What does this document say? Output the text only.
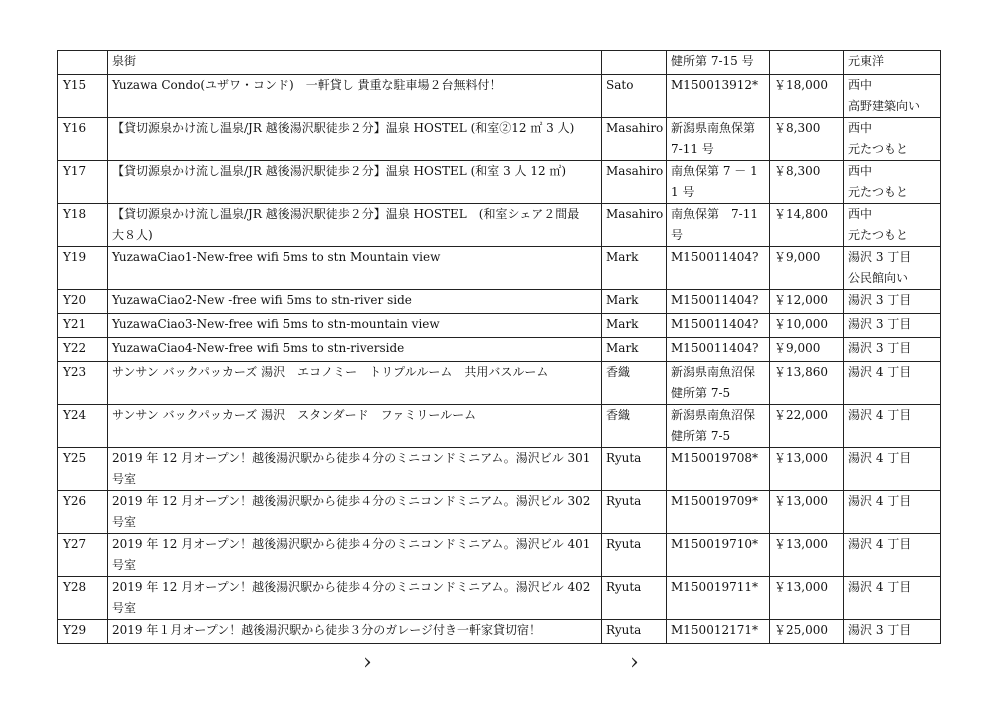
	泉街		健所第 7-15 号		元東洋
Y15	Yuzawa Condo(ユザワ・コンド)　一軒貸し 貴重な駐車場２台無料付！	Sato	M150013912*	￥18,000	西中
高野建築向い
Y16	【貸切源泉かけ流し温泉/JR 越後湯沢駅徒歩２分】温泉 HOSTEL (和室②12 ㎡ 3 人)	Masahiro	新潟県南魚保第
7-11 号	￥8,300	西中
元たつもと
Y17	【貸切源泉かけ流し温泉/JR 越後湯沢駅徒歩２分】温泉 HOSTEL (和室 3 人 12 ㎡)	Masahiro	南魚保第 7 － 1
1 号	￥8,300	西中
元たつもと
Y18	【貸切源泉かけ流し温泉/JR 越後湯沢駅徒歩２分】温泉 HOSTEL　(和室シェア２間最
大８人)	Masahiro	南魚保第　7-11
号	￥14,800	西中
元たつもと
Y19	YuzawaCiao1-New-free wifi 5ms to stn Mountain view	Mark	M150011404?	￥9,000	湯沢 3 丁目
公民館向い
Y20	YuzawaCiao2-New -free wifi 5ms to stn-river side	Mark	M150011404?	￥12,000	湯沢 3 丁目
Y21	YuzawaCiao3-New-free wifi 5ms to stn-mountain view	Mark	M150011404?	￥10,000	湯沢 3 丁目
Y22	YuzawaCiao4-New-free wifi 5ms to stn-riverside	Mark	M150011404?	￥9,000	湯沢 3 丁目
Y23	サンサン バックパッカーズ 湯沢　エコノミー　トリプルルーム　共用バスルーム	香織	新潟県南魚沼保
健所第 7-5	￥13,860	湯沢 4 丁目
Y24	サンサン バックパッカーズ 湯沢　スタンダード　ファミリールーム	香織	新潟県南魚沼保
健所第 7-5	￥22,000	湯沢 4 丁目
Y25	2019 年 12 月オープン！越後湯沢駅から徒歩４分のミニコンドミニアム。湯沢ビル 301
号室	Ryuta	M150019708*	￥13,000	湯沢 4 丁目
Y26	2019 年 12 月オープン！越後湯沢駅から徒歩４分のミニコンドミニアム。湯沢ビル 302
号室	Ryuta	M150019709*	￥13,000	湯沢 4 丁目
Y27	2019 年 12 月オープン！越後湯沢駅から徒歩４分のミニコンドミニアム。湯沢ビル 401
号室	Ryuta	M150019710*	￥13,000	湯沢 4 丁目
Y28	2019 年 12 月オープン！越後湯沢駅から徒歩４分のミニコンドミニアム。湯沢ビル 402
号室	Ryuta	M150019711*	￥13,000	湯沢 4 丁目
Y29	2019 年１月オープン！越後湯沢駅から徒歩３分のガレージ付き一軒家貸切宿！	Ryuta	M150012171*	￥25,000	湯沢 3 丁目
›	›
